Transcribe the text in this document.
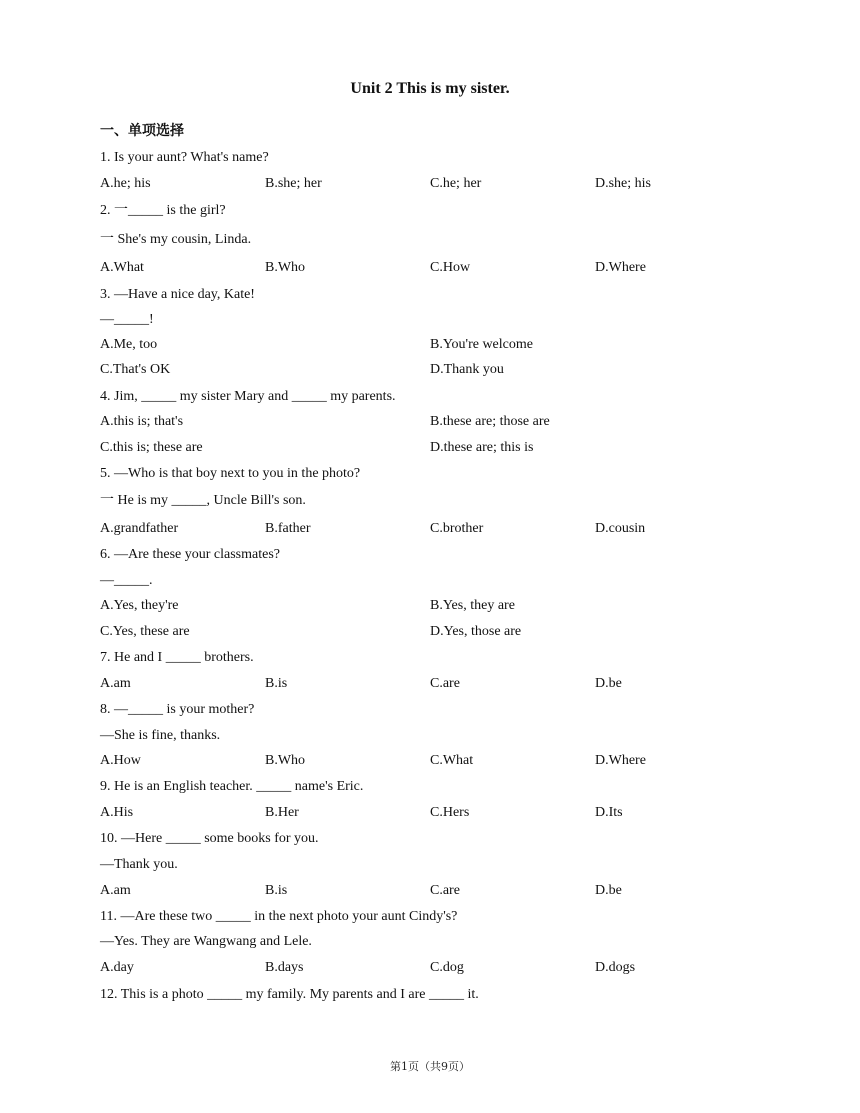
Unit 2 This is my sister.
一、单项选择
1. Is your aunt? What's name?
A.he; his	B.she; her	C.he; her	D.she; his
2. 一_____ is the girl?
一 She's my cousin, Linda.
A.What	B.Who	C.How	D.Where
3. —Have a nice day, Kate!
—_____!
A.Me, too	B.You're welcome
C.That's OK	D.Thank you
4. Jim, _____ my sister Mary and _____ my parents.
A.this is; that's	B.these are; those are
C.this is; these are	D.these are; this is
5. —Who is that boy next to you in the photo?
一 He is my _____, Uncle Bill's son.
A.grandfather	B.father	C.brother	D.cousin
6. —Are these your classmates?
—_____.
A.Yes, they're	B.Yes, they are
C.Yes, these are	D.Yes, those are
7. He and I _____ brothers.
A.am	B.is	C.are	D.be
8. —_____ is your mother?
—She is fine, thanks.
A.How	B.Who	C.What	D.Where
9. He is an English teacher. _____ name's Eric.
A.His	B.Her	C.Hers	D.Its
10. —Here _____ some books for you.
—Thank you.
A.am	B.is	C.are	D.be
11. —Are these two _____ in the next photo your aunt Cindy's?
—Yes. They are Wangwang and Lele.
A.day	B.days	C.dog	D.dogs
12. This is a photo _____ my family. My parents and I are _____ it.
第1页（共9页）
